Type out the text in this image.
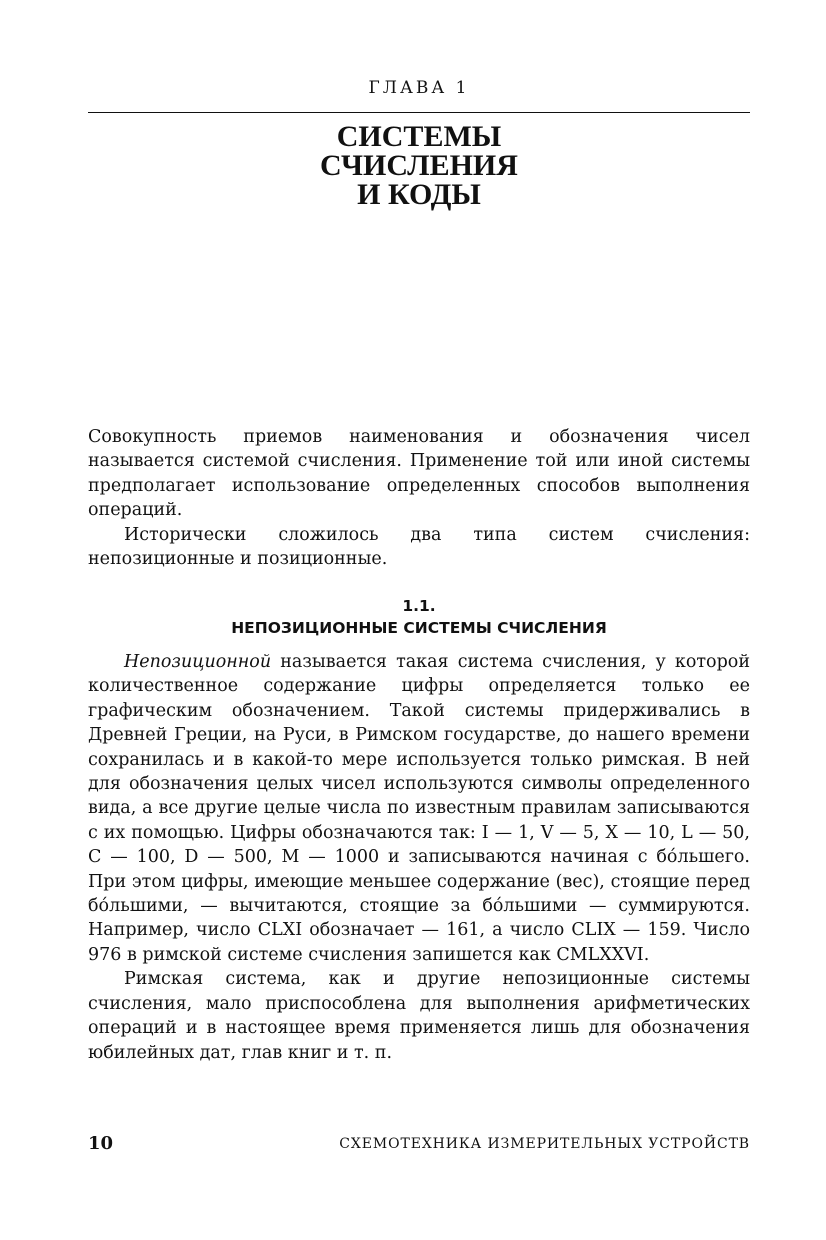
ГЛАВА 1
СИСТЕМЫ
СЧИСЛЕНИЯ
И КОДЫ

Совокупность приемов наименования и обозначения чисел называется системой счисления. Применение той или иной системы предполагает использование определенных способов выполнения операций.

Исторически сложилось два типа систем счисления: непозиционные и позиционные.

1.1.
НЕПОЗИЦИОННЫЕ СИСТЕМЫ СЧИСЛЕНИЯ

Непозиционной называется такая система счисления, у которой количественное содержание цифры определяется только ее графическим обозначением. Такой системы придерживались в Древней Греции, на Руси, в Римском государстве, до нашего времени сохранилась и в какой-то мере используется только римская. В ней для обозначения целых чисел используются символы определенного вида, а все другие целые числа по известным правилам записываются с их помощью. Цифры обозначаются так: I — 1, V — 5, X — 10, L — 50, C — 100, D — 500, M — 1000 и записываются начиная с бóльшего. При этом цифры, имеющие меньшее содержание (вес), стоящие перед бóльшими, — вычитаются, стоящие за бóльшими — суммируются. Например, число CLXI обозначает — 161, а число CLIX — 159. Число 976 в римской системе счисления запишется как CMLXXVI.

Римская система, как и другие непозиционные системы счисления, мало приспособлена для выполнения арифметических операций и в настоящее время применяется лишь для обозначения юбилейных дат, глав книг и т. п.

10	СХЕМОТЕХНИКА ИЗМЕРИТЕЛЬНЫХ УСТРОЙСТВ
